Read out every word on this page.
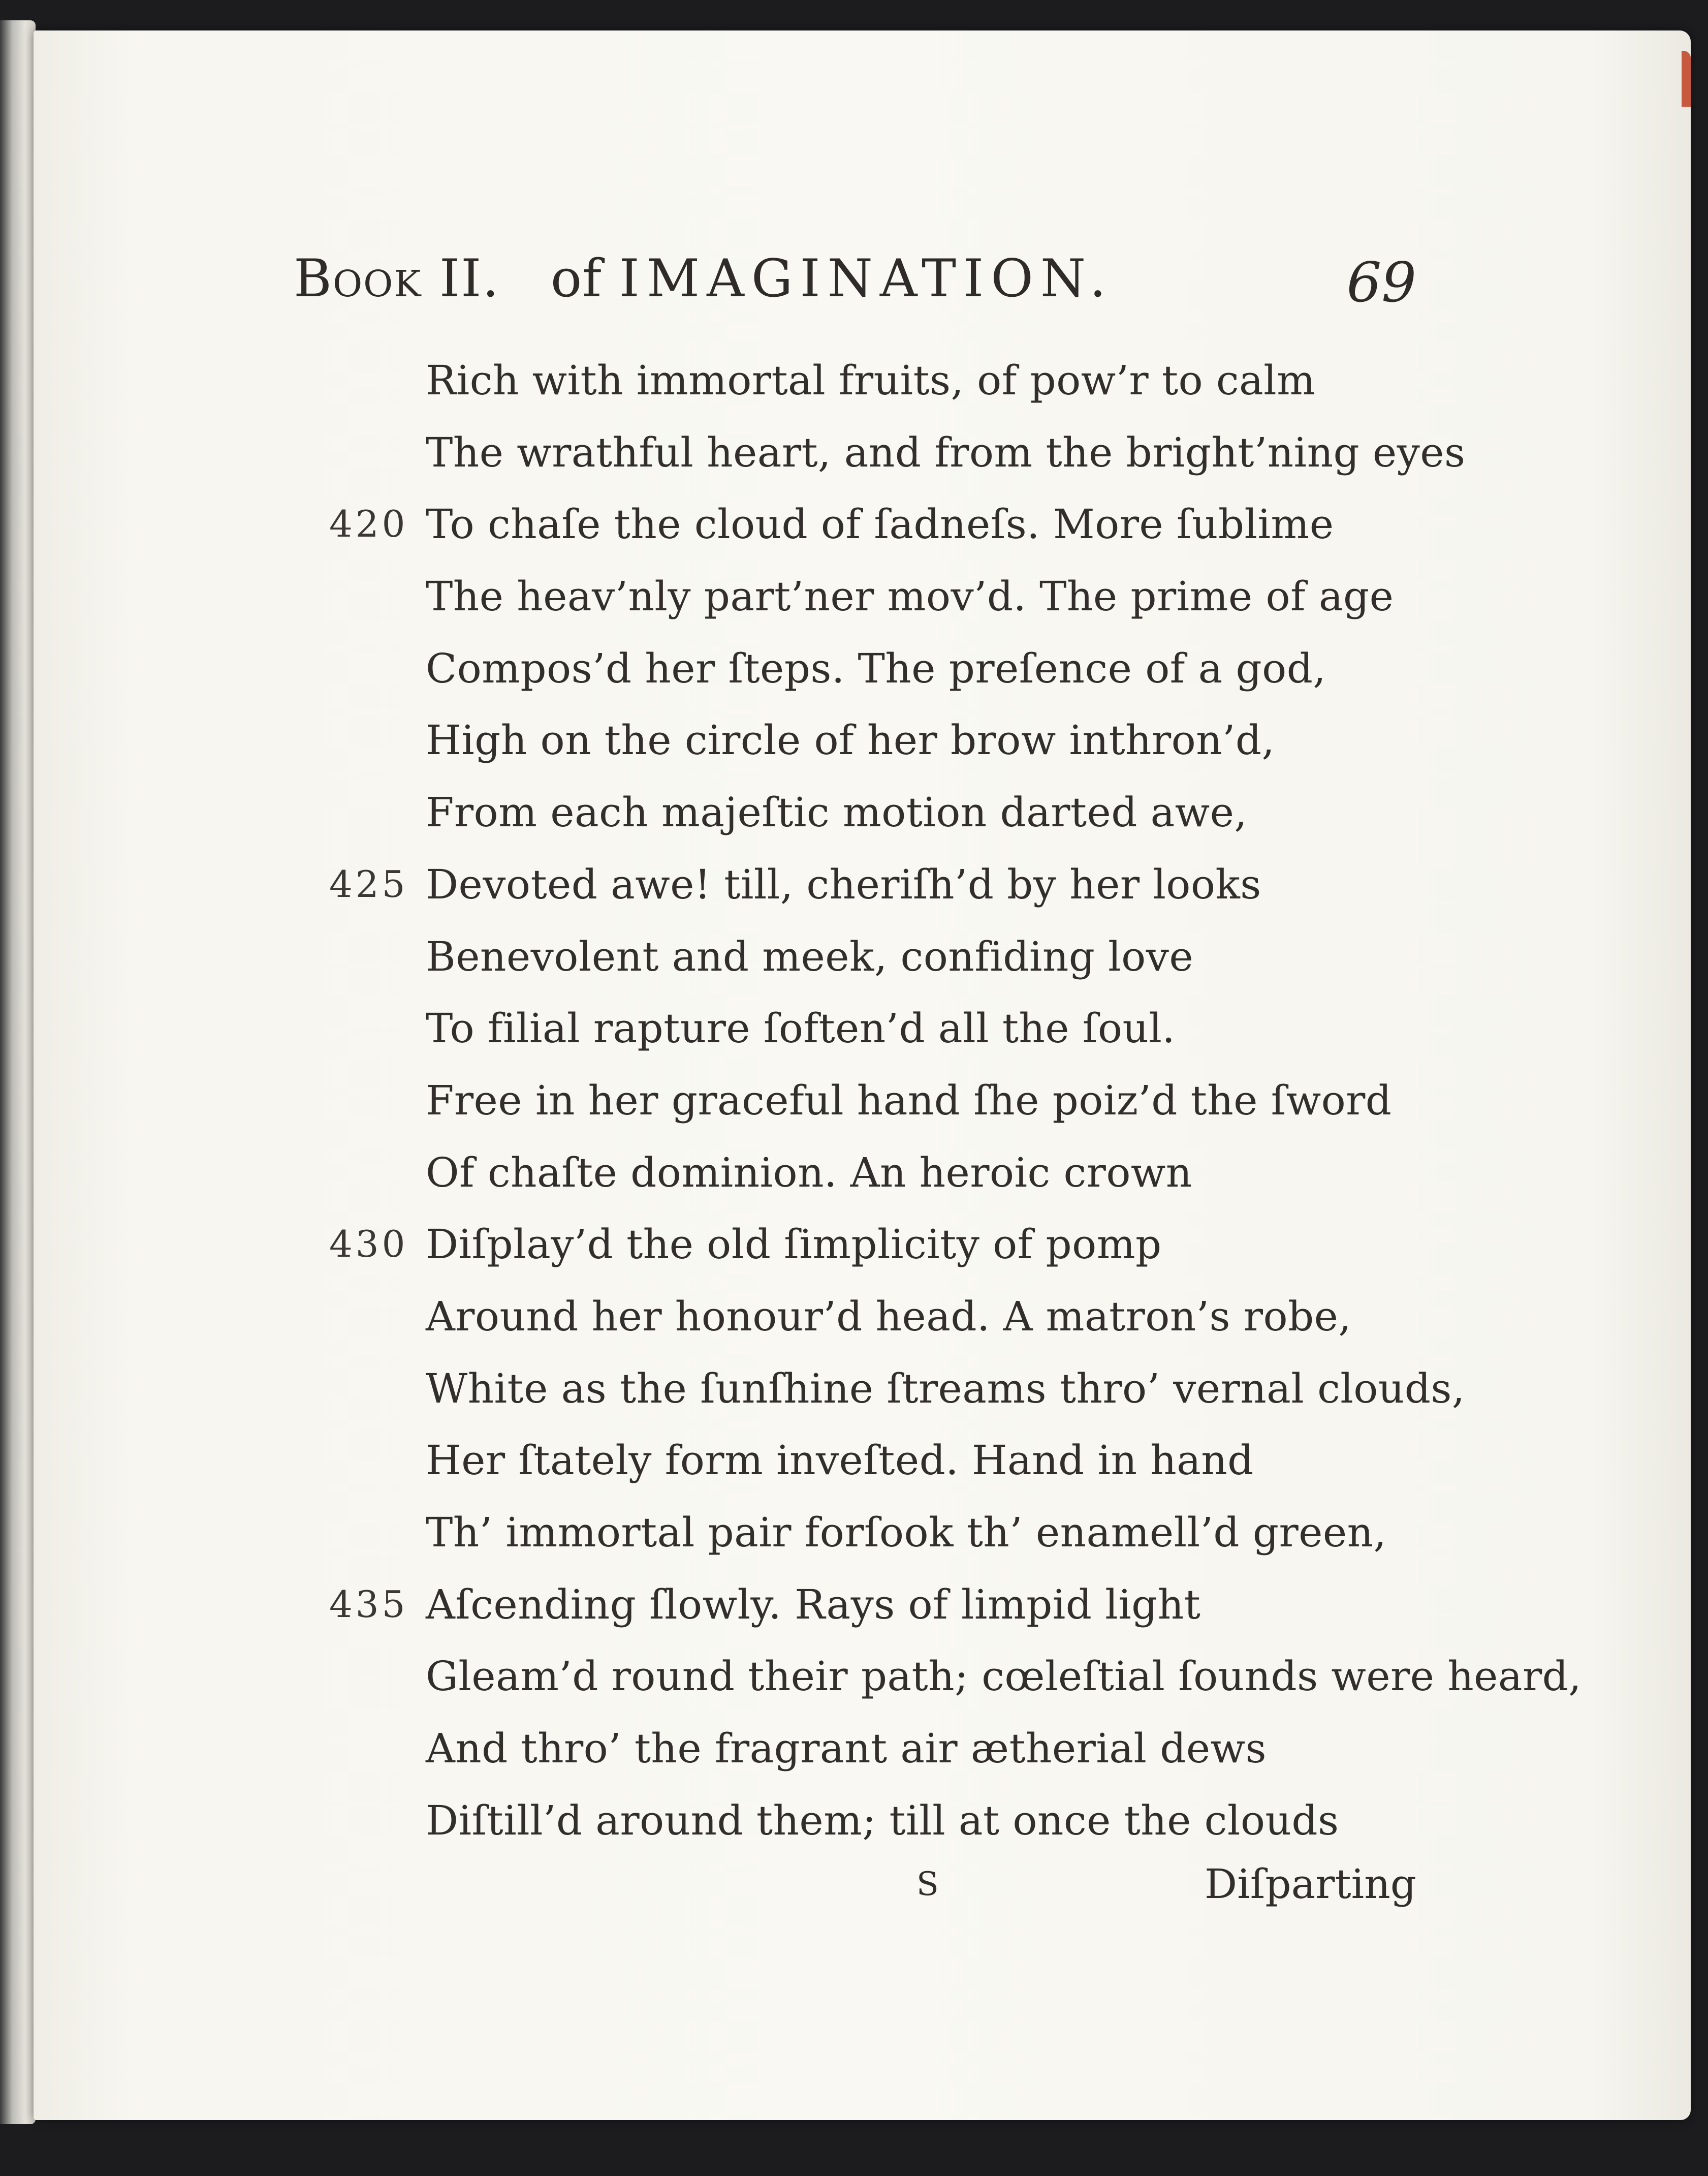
Book II. of IMAGINATION.	69
Rich with immortal fruits, of pow’r to calm
The wrathful heart, and from the bright’ning eyes
420 To chaſe the cloud of ſadneſs. More ſublime
The heav’nly part’ner mov’d. The prime of age
Compos’d her ſteps. The preſence of a god,
High on the circle of her brow inthron’d,
From each majeſtic motion darted awe,
425 Devoted awe! till, cheriſh’d by her looks
Benevolent and meek, confiding love
To filial rapture ſoften’d all the ſoul.
Free in her graceful hand ſhe poiz’d the ſword
Of chaſte dominion. An heroic crown
430 Diſplay’d the old ſimplicity of pomp
Around her honour’d head. A matron’s robe,
White as the ſunſhine ſtreams thro’ vernal clouds,
Her ſtately form inveſted. Hand in hand
Th’ immortal pair forſook th’ enamell’d green,
435 Aſcending ſlowly. Rays of limpid light
Gleam’d round their path; cœleſtial ſounds were heard,
And thro’ the fragrant air ætherial dews
Diſtill’d around them; till at once the clouds
S	Diſparting
